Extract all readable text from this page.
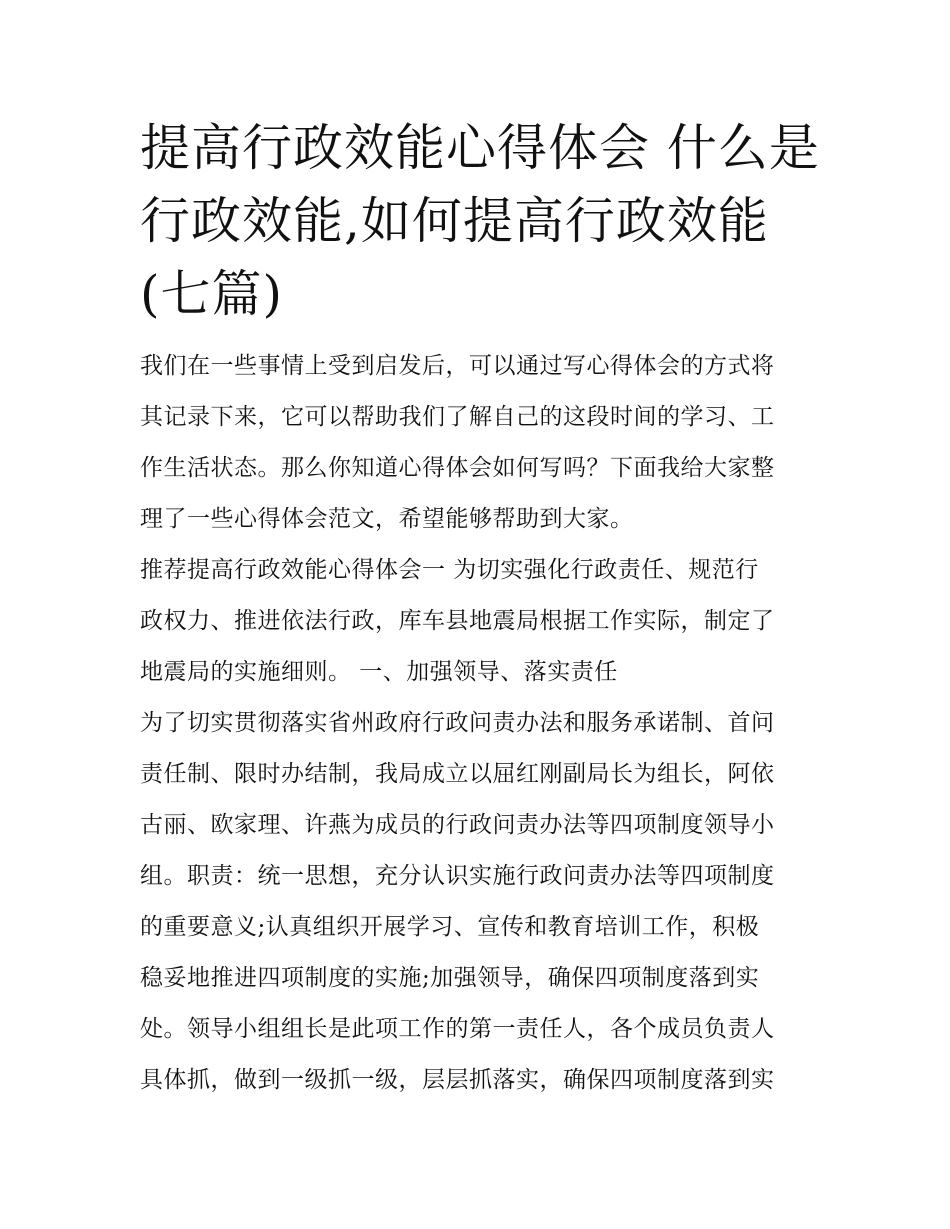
提高行政效能心得体会 什么是
行政效能,如何提高行政效能
(七篇)
我们在一些事情上受到启发后，可以通过写心得体会的方式将
其记录下来，它可以帮助我们了解自己的这段时间的学习、工
作生活状态。那么你知道心得体会如何写吗？下面我给大家整
理了一些心得体会范文，希望能够帮助到大家。
推荐提高行政效能心得体会一 为切实强化行政责任、规范行
政权力、推进依法行政，库车县地震局根据工作实际，制定了
地震局的实施细则。 一、加强领导、落实责任
为了切实贯彻落实省州政府行政问责办法和服务承诺制、首问
责任制、限时办结制，我局成立以屈红刚副局长为组长，阿依
古丽、欧家理、许燕为成员的行政问责办法等四项制度领导小
组。职责：统一思想，充分认识实施行政问责办法等四项制度
的重要意义;认真组织开展学习、宣传和教育培训工作，积极
稳妥地推进四项制度的实施;加强领导，确保四项制度落到实
处。领导小组组长是此项工作的第一责任人，各个成员负责人
具体抓，做到一级抓一级，层层抓落实，确保四项制度落到实
